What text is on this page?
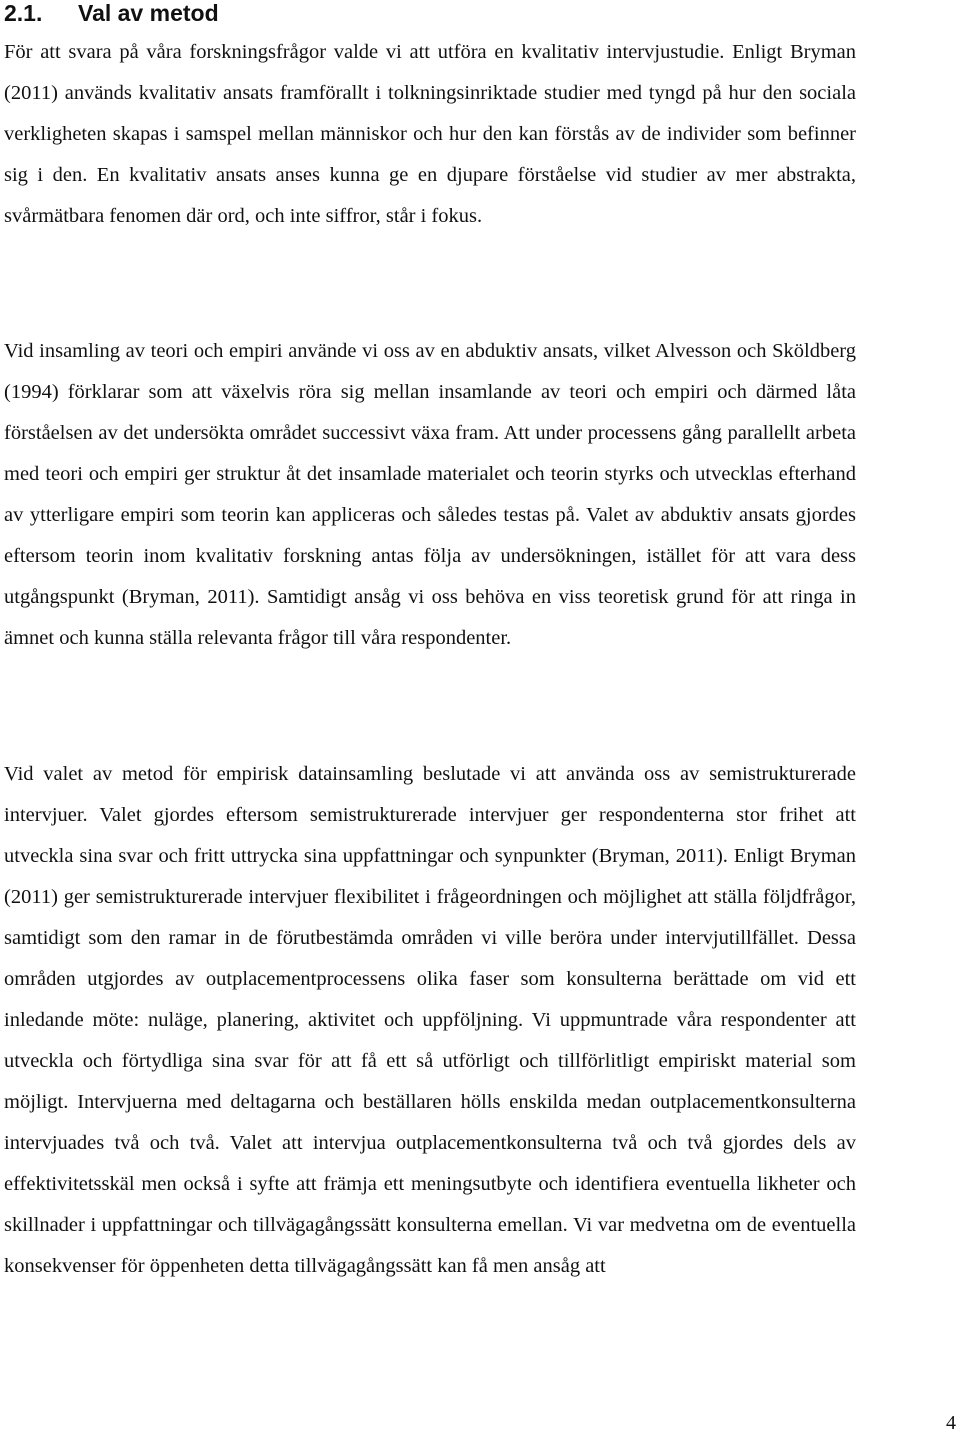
2.1. Val av metod

För att svara på våra forskningsfrågor valde vi att utföra en kvalitativ intervjustudie. Enligt Bryman (2011) används kvalitativ ansats framförallt i tolkningsinriktade studier med tyngd på hur den sociala verkligheten skapas i samspel mellan människor och hur den kan förstås av de individer som befinner sig i den. En kvalitativ ansats anses kunna ge en djupare förståelse vid studier av mer abstrakta, svårmätbara fenomen där ord, och inte siffror, står i fokus.

Vid insamling av teori och empiri använde vi oss av en abduktiv ansats, vilket Alvesson och Sköldberg (1994) förklarar som att växelvis röra sig mellan insamlande av teori och empiri och därmed låta förståelsen av det undersökta området successivt växa fram. Att under processens gång parallellt arbeta med teori och empiri ger struktur åt det insamlade materialet och teorin styrks och utvecklas efterhand av ytterligare empiri som teorin kan appliceras och således testas på. Valet av abduktiv ansats gjordes eftersom teorin inom kvalitativ forskning antas följa av undersökningen, istället för att vara dess utgångspunkt (Bryman, 2011). Samtidigt ansåg vi oss behöva en viss teoretisk grund för att ringa in ämnet och kunna ställa relevanta frågor till våra respondenter.

Vid valet av metod för empirisk datainsamling beslutade vi att använda oss av semistrukturerade intervjuer. Valet gjordes eftersom semistrukturerade intervjuer ger respondenterna stor frihet att utveckla sina svar och fritt uttrycka sina uppfattningar och synpunkter (Bryman, 2011). Enligt Bryman (2011) ger semistrukturerade intervjuer flexibilitet i frågeordningen och möjlighet att ställa följdfrågor, samtidigt som den ramar in de förutbestämda områden vi ville beröra under intervjutillfället. Dessa områden utgjordes av outplacementprocessens olika faser som konsulterna berättade om vid ett inledande möte: nuläge, planering, aktivitet och uppföljning. Vi uppmuntrade våra respondenter att utveckla och förtydliga sina svar för att få ett så utförligt och tillförlitligt empiriskt material som möjligt. Intervjuerna med deltagarna och beställaren hölls enskilda medan outplacementkonsulterna intervjuades två och två. Valet att intervjua outplacementkonsulterna två och två gjordes dels av effektivitetsskäl men också i syfte att främja ett meningsutbyte och identifiera eventuella likheter och skillnader i uppfattningar och tillvägagångssätt konsulterna emellan. Vi var medvetna om de eventuella konsekvenser för öppenheten detta tillvägagångssätt kan få men ansåg att

4
